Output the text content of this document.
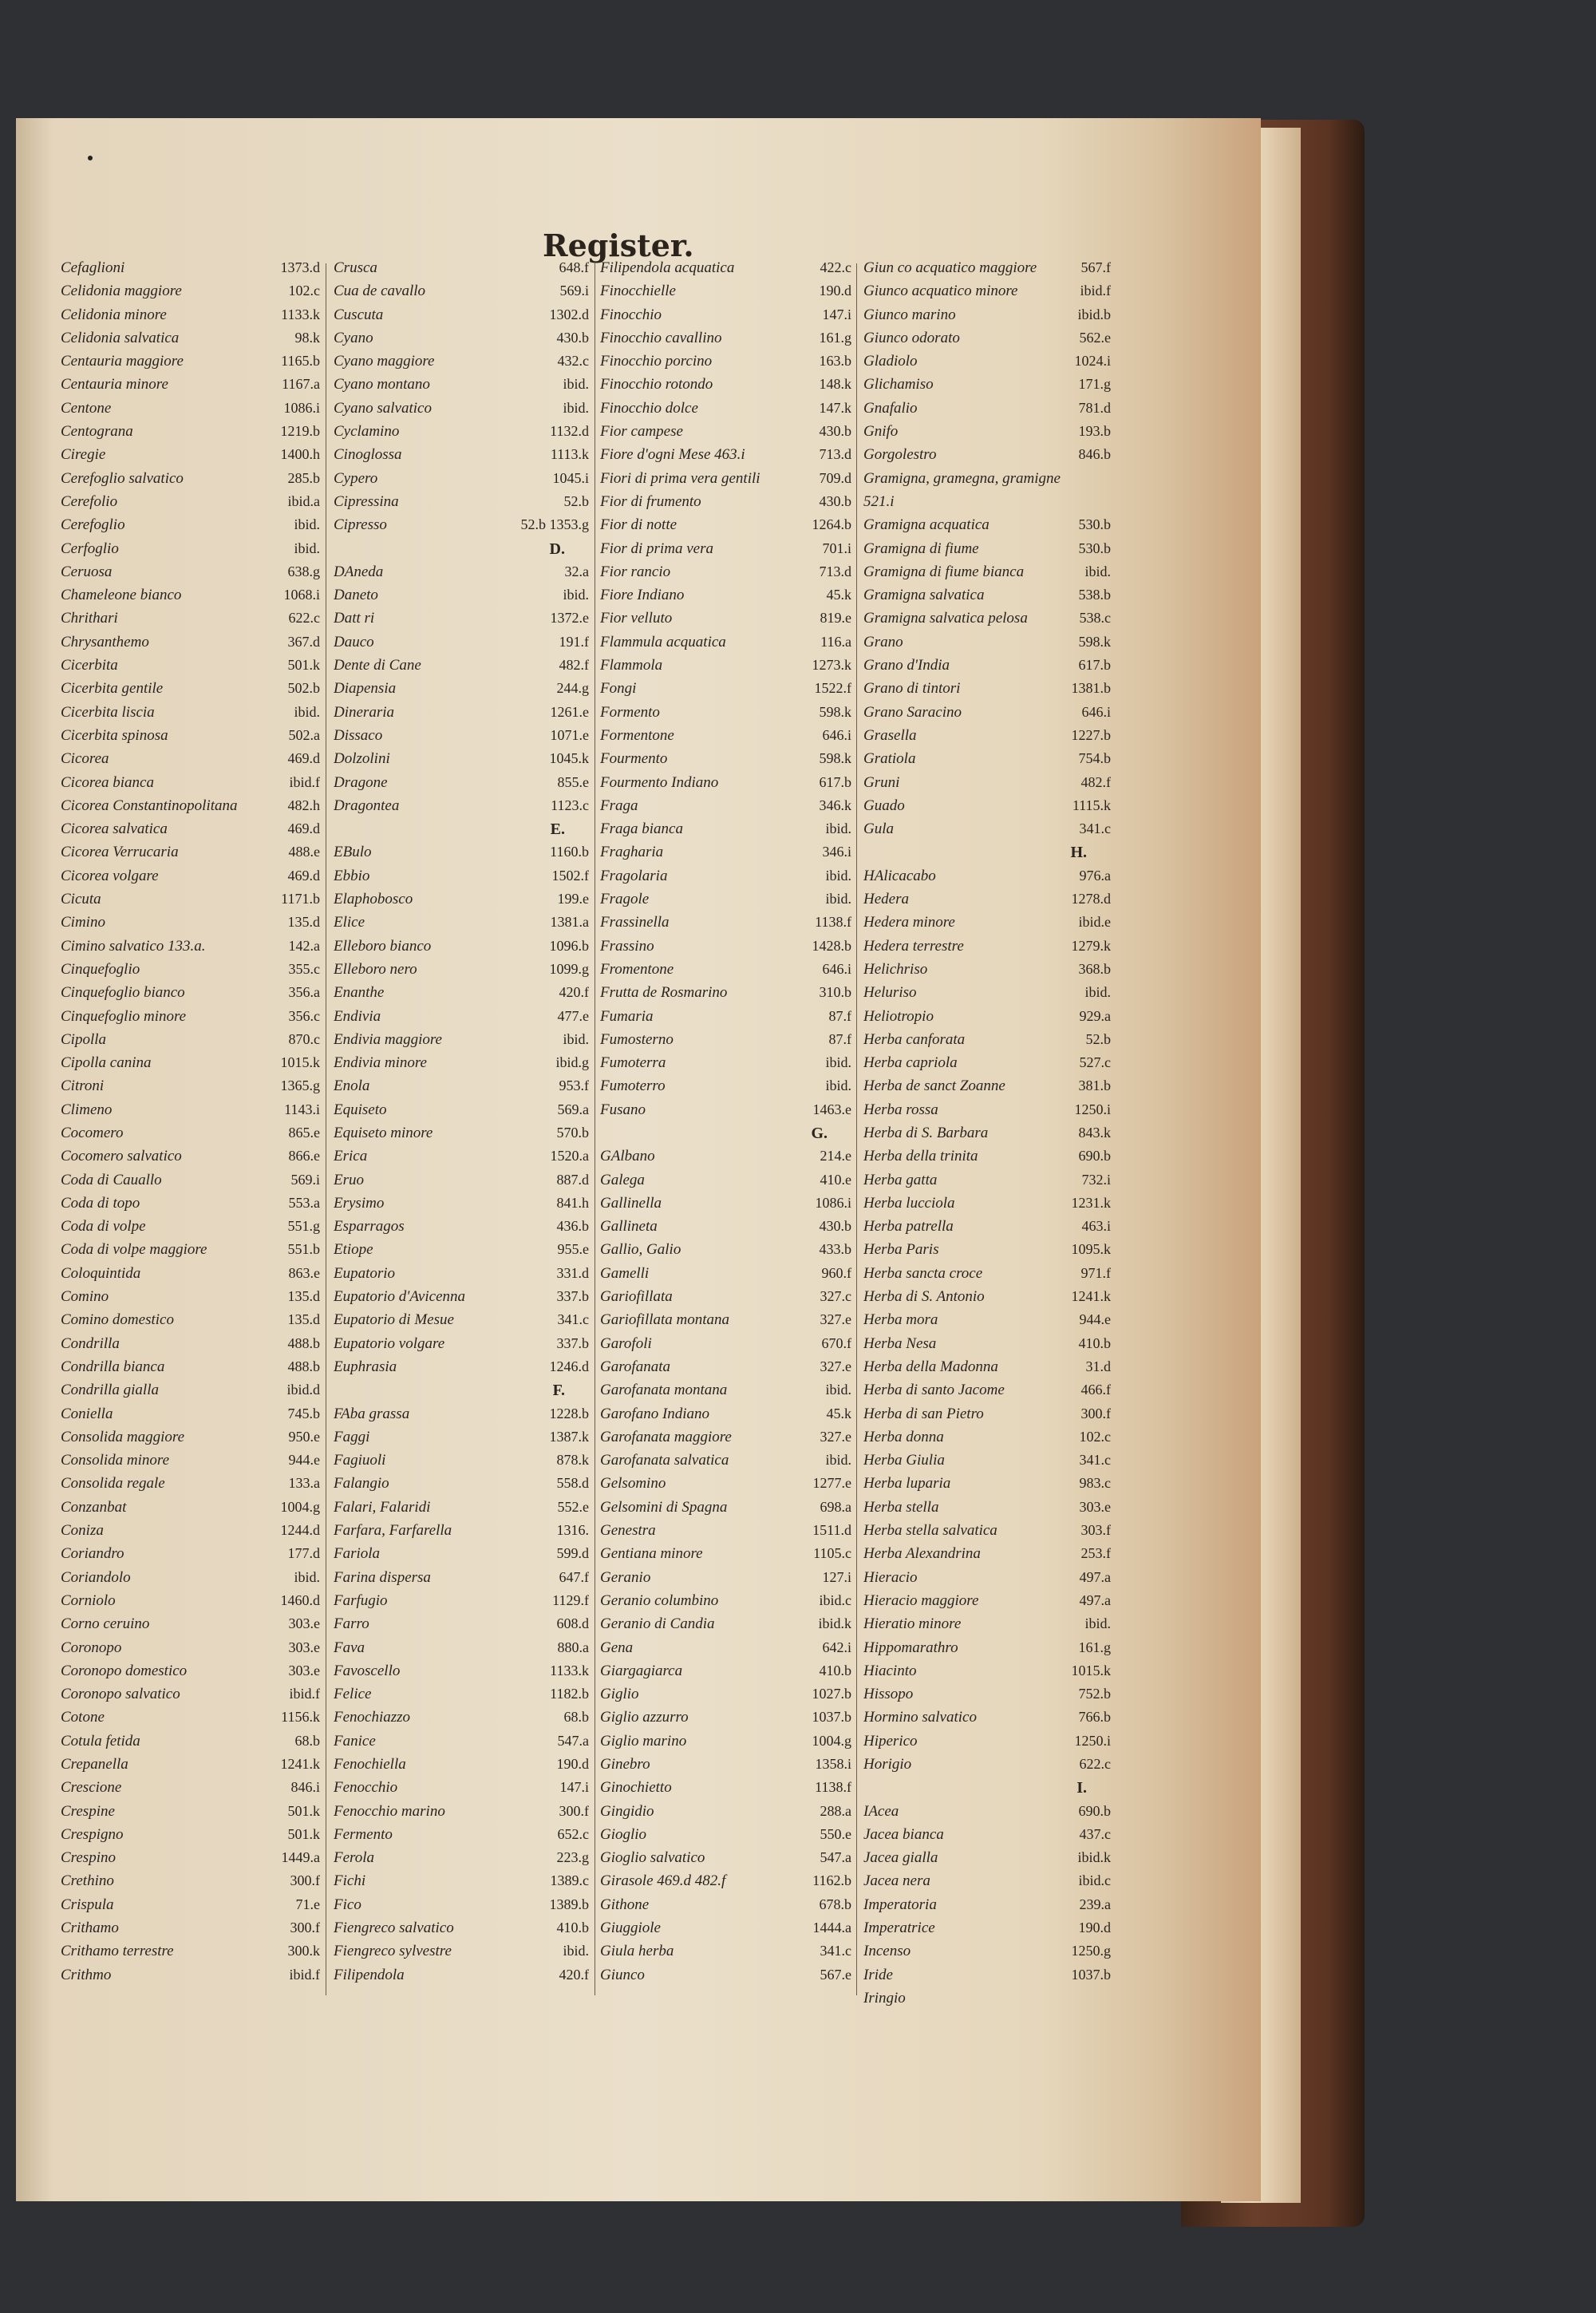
Register.
Cefaglioni	1373.d
Celidonia maggiore	102.c
Celidonia minore	1133.k
Celidonia salvatica	98.k
Centauria maggiore	1165.b
Centauria minore	1167.a
Centone	1086.i
Centograna	1219.b
Ciregie	1400.h
Cerefoglio salvatico	285.b
Cerefolio	ibid.a
Cerefoglio	ibid.
Cerfoglio	ibid.
Ceruosa	638.g
Chameleone bianco	1068.i
Chrithari	622.c
Chrysanthemo	367.d
Cicerbita	501.k
Cicerbita gentile	502.b
Cicerbita liscia	ibid.
Cicerbita spinosa	502.a
Cicorea	469.d
Cicorea bianca	ibid.f
Cicorea Constantinopolitana	482.h
Cicorea salvatica	469.d
Cicorea Verrucaria	488.e
Cicorea volgare	469.d
Cicuta	1171.b
Cimino	135.d
Cimino salvatico 133.a.	142.a
Cinquefoglio	355.c
Cinquefoglio bianco	356.a
Cinquefoglio minore	356.c
Cipolla	870.c
Cipolla canina	1015.k
Citroni	1365.g
Climeno	1143.i
Cocomero	865.e
Cocomero salvatico	866.e
Coda di Cauallo	569.i
Coda di topo	553.a
Coda di volpe	551.g
Coda di volpe maggiore	551.b
Coloquintida	863.e
Comino	135.d
Comino domestico	135.d
Condrilla	488.b
Condrilla bianca	488.b
Condrilla gialla	ibid.d
Coniella	745.b
Consolida maggiore	950.e
Consolida minore	944.e
Consolida regale	133.a
Conzanbat	1004.g
Coniza	1244.d
Coriandro	177.d
Coriandolo	ibid.
Corniolo	1460.d
Corno ceruino	303.e
Coronopo	303.e
Coronopo domestico	303.e
Coronopo salvatico	ibid.f
Cotone	1156.k
Cotula fetida	68.b
Crepanella	1241.k
Crescione	846.i
Crespine	501.k
Crespigno	501.k
Crespino	1449.a
Crethino	300.f
Crispula	71.e
Crithamo	300.f
Crithamo terrestre	300.k
Crithmo	ibid.f
Crusca	648.f
Cua de cavallo	569.i
Cuscuta	1302.d
Cyano	430.b
Cyano maggiore	432.c
Cyano montano	ibid.
Cyano salvatico	ibid.
Cyclamino	1132.d
Cinoglossa	1113.k
Cypero	1045.i
Cipressina	52.b
Cipresso	52.b 1353.g
D.
DAneda	32.a
Daneto	ibid.
Datt ri	1372.e
Dauco	191.f
Dente di Cane	482.f
Diapensia	244.g
Dineraria	1261.e
Dissaco	1071.e
Dolzolini	1045.k
Dragone	855.e
Dragontea	1123.c
E.
EBulo	1160.b
Ebbio	1502.f
Elaphobosco	199.e
Elice	1381.a
Elleboro bianco	1096.b
Elleboro nero	1099.g
Enanthe	420.f
Endivia	477.e
Endivia maggiore	ibid.
Endivia minore	ibid.g
Enola	953.f
Equiseto	569.a
Equiseto minore	570.b
Erica	1520.a
Eruo	887.d
Erysimo	841.h
Esparragos	436.b
Etiope	955.e
Eupatorio	331.d
Eupatorio d'Avicenna	337.b
Eupatorio di Mesue	341.c
Eupatorio volgare	337.b
Euphrasia	1246.d
F.
FAba grassa	1228.b
Faggi	1387.k
Fagiuoli	878.k
Falangio	558.d
Falari, Falaridi	552.e
Farfara, Farfarella	1316.
Fariola	599.d
Farina dispersa	647.f
Farfugio	1129.f
Farro	608.d
Fava	880.a
Favoscello	1133.k
Felice	1182.b
Fenochiazzo	68.b
Fanice	547.a
Fenochiella	190.d
Fenocchio	147.i
Fenocchio marino	300.f
Fermento	652.c
Ferola	223.g
Fichi	1389.c
Fico	1389.b
Fiengreco salvatico	410.b
Fiengreco sylvestre	ibid.
Filipendola	420.f
Filipendola acquatica	422.c
Finocchielle	190.d
Finocchio	147.i
Finocchio cavallino	161.g
Finocchio porcino	163.b
Finocchio rotondo	148.k
Finocchio dolce	147.k
Fior campese	430.b
Fiore d'ogni Mese 463.i	713.d
Fiori di prima vera gentili	709.d
Fior di frumento	430.b
Fior di notte	1264.b
Fior di prima vera	701.i
Fior rancio	713.d
Fiore Indiano	45.k
Fior velluto	819.e
Flammula acquatica	116.a
Flammola	1273.k
Fongi	1522.f
Formento	598.k
Formentone	646.i
Fourmento	598.k
Fourmento Indiano	617.b
Fraga	346.k
Fraga bianca	ibid.
Fragharia	346.i
Fragolaria	ibid.
Fragole	ibid.
Frassinella	1138.f
Frassino	1428.b
Fromentone	646.i
Frutta de Rosmarino	310.b
Fumaria	87.f
Fumosterno	87.f
Fumoterra	ibid.
Fumoterro	ibid.
Fusano	1463.e
G.
GAlbano	214.e
Galega	410.e
Gallinella	1086.i
Gallineta	430.b
Gallio, Galio	433.b
Gamelli	960.f
Gariofillata	327.c
Gariofillata montana	327.e
Garofoli	670.f
Garofanata	327.e
Garofanata montana	ibid.
Garofano Indiano	45.k
Garofanata maggiore	327.e
Garofanata salvatica	ibid.
Gelsomino	1277.e
Gelsomini di Spagna	698.a
Genestra	1511.d
Gentiana minore	1105.c
Geranio	127.i
Geranio columbino	ibid.c
Geranio di Candia	ibid.k
Gena	642.i
Giargagiarca	410.b
Giglio	1027.b
Giglio azzurro	1037.b
Giglio marino	1004.g
Ginebro	1358.i
Ginochietto	1138.f
Gingidio	288.a
Gioglio	550.e
Gioglio salvatico	547.a
Girasole 469.d 482.f	1162.b
Githone	678.b
Giuggiole	1444.a
Giula herba	341.c
Giunco	567.e
Giun co acquatico maggiore	567.f
Giunco acquatico minore	ibid.f
Giunco marino	ibid.b
Giunco odorato	562.e
Gladiolo	1024.i
Glichamiso	171.g
Gnafalio	781.d
Gnifo	193.b
Gorgolestro	846.b
Gramigna, gramegna, gramigne
521.i
Gramigna acquatica	530.b
Gramigna di fiume	530.b
Gramigna di fiume bianca	ibid.
Gramigna salvatica	538.b
Gramigna salvatica pelosa	538.c
Grano	598.k
Grano d'India	617.b
Grano di tintori	1381.b
Grano Saracino	646.i
Grasella	1227.b
Gratiola	754.b
Gruni	482.f
Guado	1115.k
Gula	341.c
H.
HAlicacabo	976.a
Hedera	1278.d
Hedera minore	ibid.e
Hedera terrestre	1279.k
Helichriso	368.b
Heluriso	ibid.
Heliotropio	929.a
Herba canforata	52.b
Herba capriola	527.c
Herba de sanct Zoanne	381.b
Herba rossa	1250.i
Herba di S. Barbara	843.k
Herba della trinita	690.b
Herba gatta	732.i
Herba lucciola	1231.k
Herba patrella	463.i
Herba Paris	1095.k
Herba sancta croce	971.f
Herba di S. Antonio	1241.k
Herba mora	944.e
Herba Nesa	410.b
Herba della Madonna	31.d
Herba di santo Jacome	466.f
Herba di san Pietro	300.f
Herba donna	102.c
Herba Giulia	341.c
Herba luparia	983.c
Herba stella	303.e
Herba stella salvatica	303.f
Herba Alexandrina	253.f
Hieracio	497.a
Hieracio maggiore	497.a
Hieratio minore	ibid.
Hippomarathro	161.g
Hiacinto	1015.k
Hissopo	752.b
Hormino salvatico	766.b
Hiperico	1250.i
Horigio	622.c
I.
IAcea	690.b
Jacea bianca	437.c
Jacea gialla	ibid.k
Jacea nera	ibid.c
Imperatoria	239.a
Imperatrice	190.d
Incenso	1250.g
Iride	1037.b
Iringio
